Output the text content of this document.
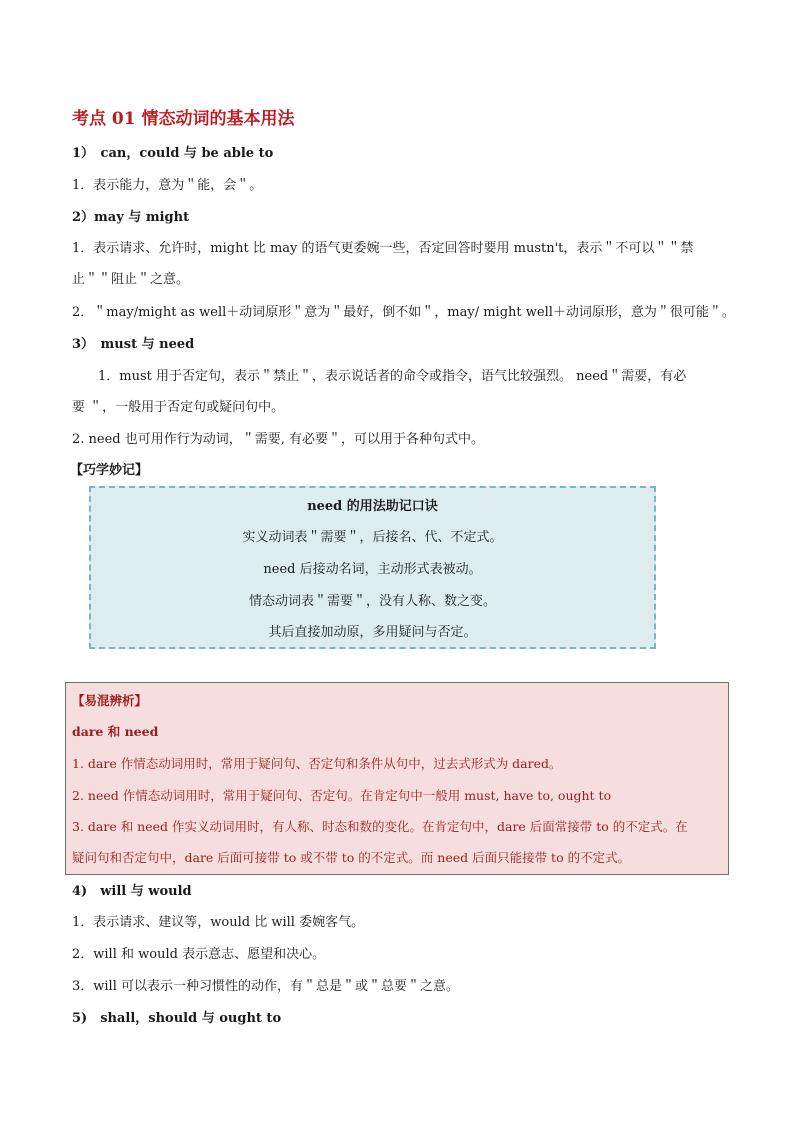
考点 01 情态动词的基本用法
1）　can，could 与 be able to
1．表示能力，意为＂能，会＂。
2）may 与 might
1．表示请求、允许时，might 比 may 的语气更委婉一些，否定回答时要用 mustn't，表示＂不可以＂＂禁
止＂＂阻止＂之意。
2．＂may/might as well＋动词原形＂意为＂最好，倒不如＂，may/ might well＋动词原形，意为＂很可能＂。
3）　must 与 need
1．must 用于否定句，表示＂禁止＂，表示说话者的命令或指令，语气比较强烈。 need＂需要，有必
要 ＂，一般用于否定句或疑问句中。
2. need 也可用作行为动词，＂需要, 有必要＂，可以用于各种句式中。
【巧学妙记】
need 的用法助记口诀
实义动词表＂需要＂，后接名、代、不定式。
need 后接动名词，主动形式表被动。
情态动词表＂需要＂，没有人称、数之变。
其后直接加动原，多用疑问与否定。
【易混辨析】
dare 和 need
1. dare 作情态动词用时，常用于疑问句、否定句和条件从句中，过去式形式为 dared。
2. need 作情态动词用时，常用于疑问句、否定句。在肯定句中一般用 must, have to, ought to
3. dare 和 need 作实义动词用时，有人称、时态和数的变化。在肯定句中，dare 后面常接带 to 的不定式。在
疑问句和否定句中，dare 后面可接带 to 或不带 to 的不定式。而 need 后面只能接带 to 的不定式。
4)　will 与 would
1．表示请求、建议等，would 比 will 委婉客气。
2．will 和 would 表示意志、愿望和决心。
3．will 可以表示一种习惯性的动作，有＂总是＂或＂总要＂之意。
5)　shall，should 与 ought to
